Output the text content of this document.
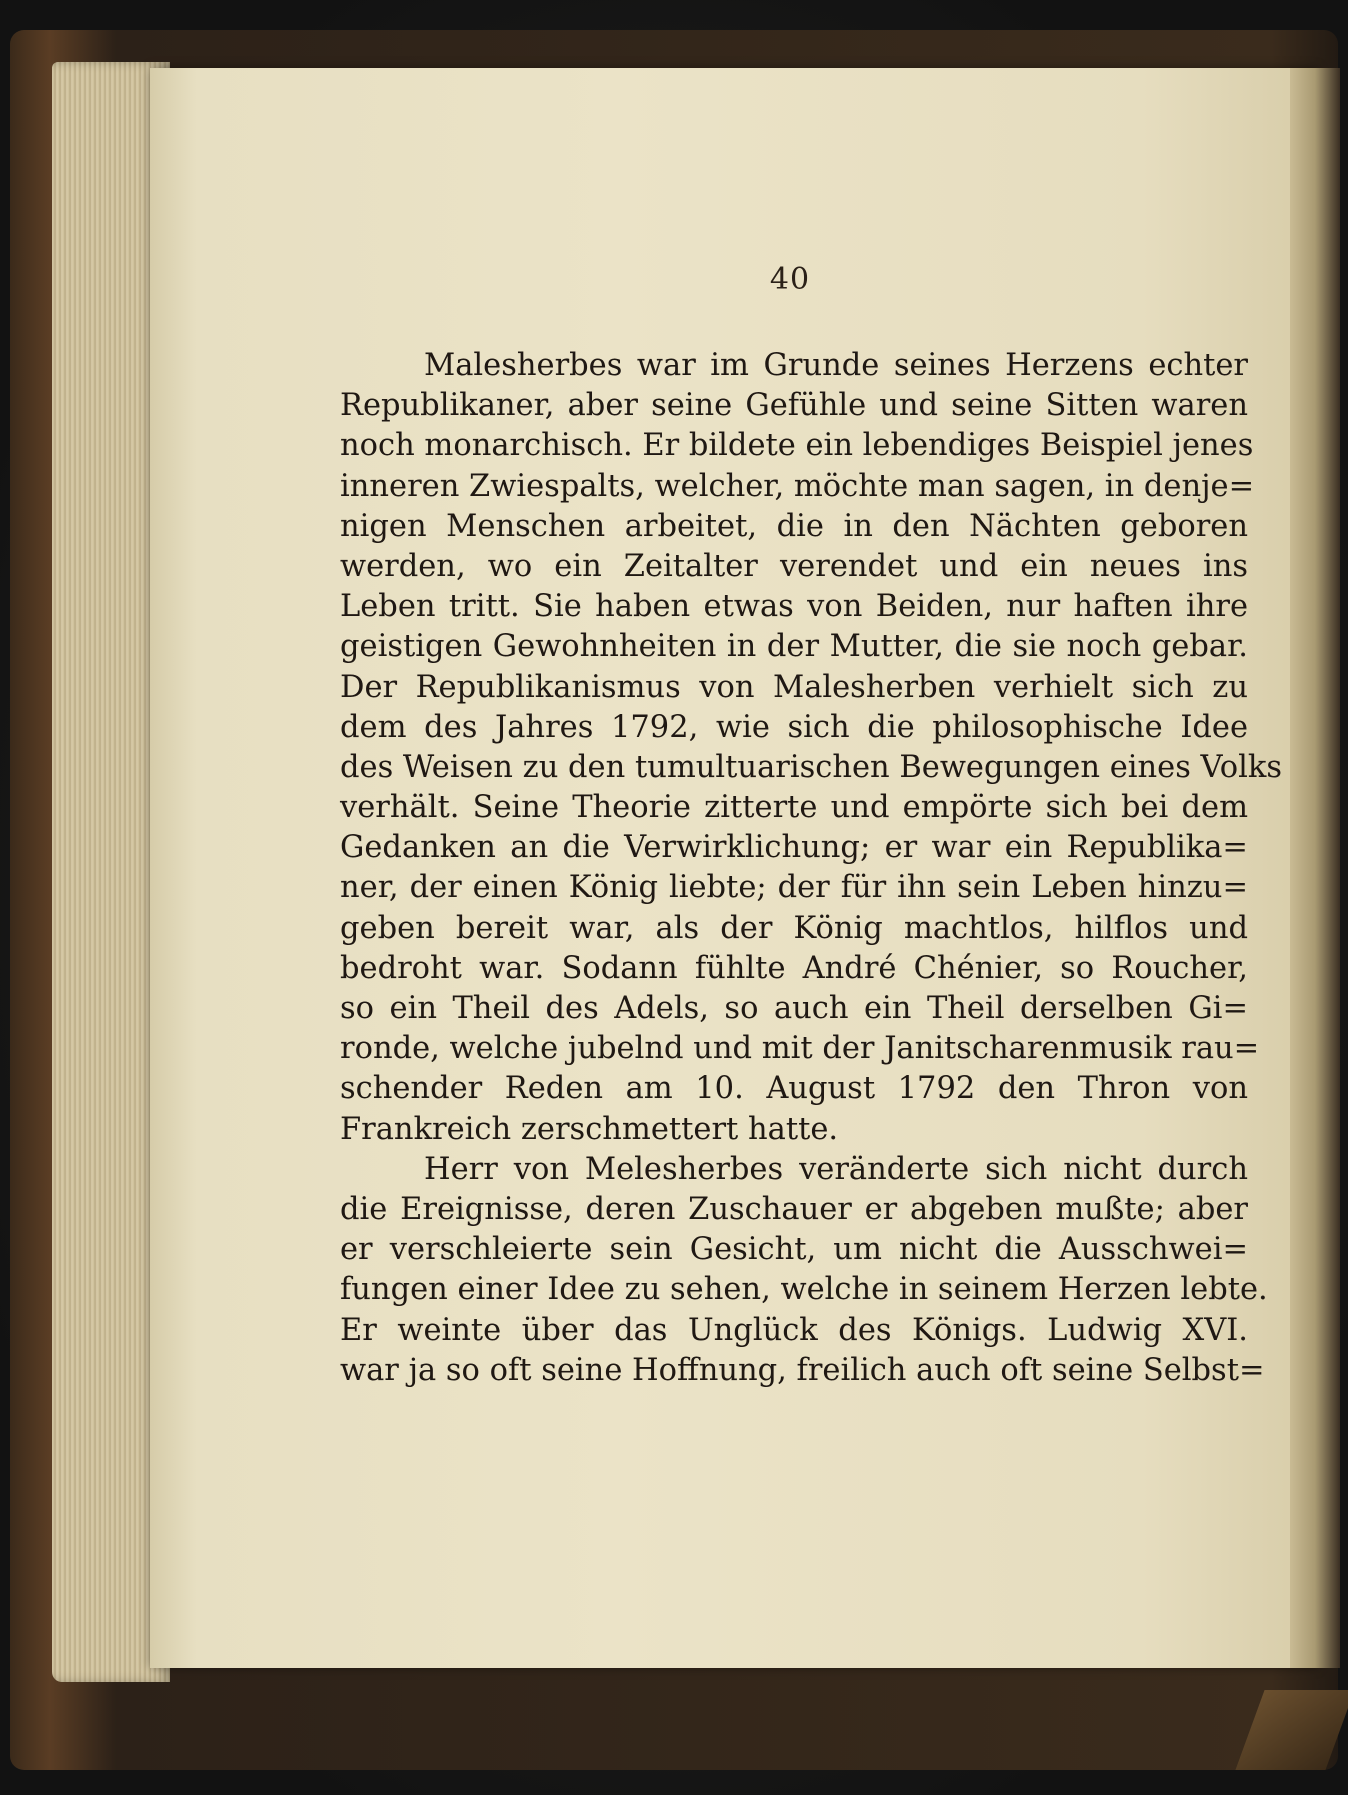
40
Malesherbes war im Grunde seines Herzens echter
Republikaner, aber seine Gefühle und seine Sitten waren
noch monarchisch. Er bildete ein lebendiges Beispiel jenes
inneren Zwiespalts, welcher, möchte man sagen, in denje=
nigen Menschen arbeitet, die in den Nächten geboren
werden, wo ein Zeitalter verendet und ein neues ins
Leben tritt. Sie haben etwas von Beiden, nur haften ihre
geistigen Gewohnheiten in der Mutter, die sie noch gebar.
Der Republikanismus von Malesherben verhielt sich zu
dem des Jahres 1792, wie sich die philosophische Idee
des Weisen zu den tumultuarischen Bewegungen eines Volks
verhält. Seine Theorie zitterte und empörte sich bei dem
Gedanken an die Verwirklichung; er war ein Republika=
ner, der einen König liebte; der für ihn sein Leben hinzu=
geben bereit war, als der König machtlos, hilflos und
bedroht war. Sodann fühlte André Chénier, so Roucher,
so ein Theil des Adels, so auch ein Theil derselben Gi=
ronde, welche jubelnd und mit der Janitscharenmusik rau=
schender Reden am 10. August 1792 den Thron von
Frankreich zerschmettert hatte.
Herr von Melesherbes veränderte sich nicht durch
die Ereignisse, deren Zuschauer er abgeben mußte; aber
er verschleierte sein Gesicht, um nicht die Ausschwei=
fungen einer Idee zu sehen, welche in seinem Herzen lebte.
Er weinte über das Unglück des Königs. Ludwig XVI.
war ja so oft seine Hoffnung, freilich auch oft seine Selbst=
